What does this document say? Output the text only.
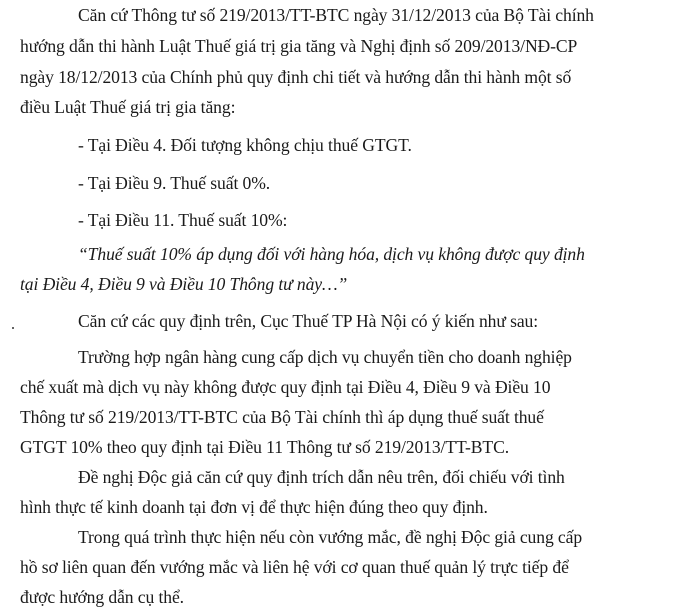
Căn cứ Thông tư số 219/2013/TT-BTC ngày 31/12/2013 của Bộ Tài chính
hướng dẫn thi hành Luật Thuế giá trị gia tăng và Nghị định số 209/2013/NĐ-CP
ngày 18/12/2013 của Chính phủ quy định chi tiết và hướng dẫn thi hành một số
điều Luật Thuế giá trị gia tăng:
- Tại Điều 4. Đối tượng không chịu thuế GTGT.
- Tại Điều 9. Thuế suất 0%.
- Tại Điều 11. Thuế suất 10%:
“Thuế suất 10% áp dụng đối với hàng hóa, dịch vụ không được quy định
tại Điều 4, Điều 9 và Điều 10 Thông tư này…”
Căn cứ các quy định trên, Cục Thuế TP Hà Nội có ý kiến như sau:
Trường hợp ngân hàng cung cấp dịch vụ chuyển tiền cho doanh nghiệp
chế xuất mà dịch vụ này không được quy định tại Điều 4, Điều 9 và Điều 10
Thông tư số 219/2013/TT-BTC của Bộ Tài chính thì áp dụng thuế suất thuế
GTGT 10% theo quy định tại Điều 11 Thông tư số 219/2013/TT-BTC.
Đề nghị Độc giả căn cứ quy định trích dẫn nêu trên, đối chiếu với tình
hình thực tế kinh doanh tại đơn vị để thực hiện đúng theo quy định.
Trong quá trình thực hiện nếu còn vướng mắc, đề nghị Độc giả cung cấp
hồ sơ liên quan đến vướng mắc và liên hệ với cơ quan thuế quản lý trực tiếp để
được hướng dẫn cụ thể.
